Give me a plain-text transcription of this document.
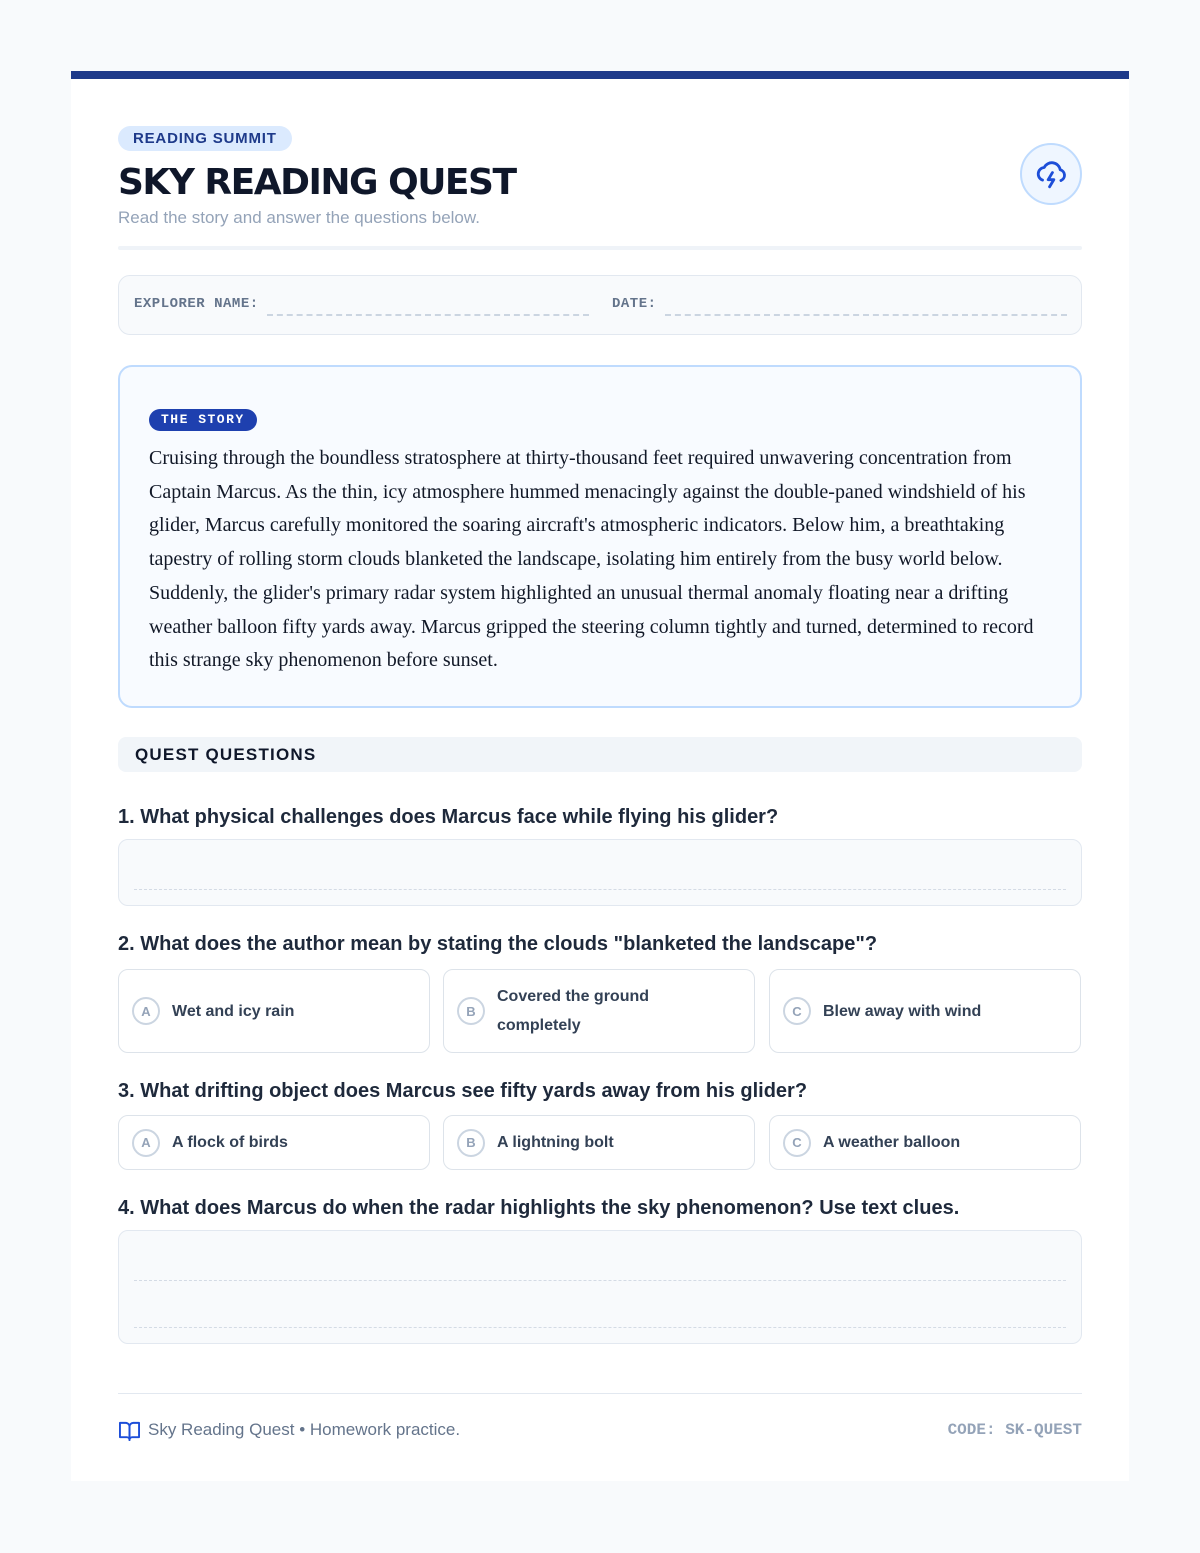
READING SUMMIT
SKY READING QUEST
Read the story and answer the questions below.
EXPLORER NAME:	DATE:
THE STORY

Cruising through the boundless stratosphere at thirty-thousand feet required unwavering concentration from Captain Marcus. As the thin, icy atmosphere hummed menacingly against the double-paned windshield of his glider, Marcus carefully monitored the soaring aircraft's atmospheric indicators. Below him, a breathtaking tapestry of rolling storm clouds blanketed the landscape, isolating him entirely from the busy world below. Suddenly, the glider's primary radar system highlighted an unusual thermal anomaly floating near a drifting weather balloon fifty yards away. Marcus gripped the steering column tightly and turned, determined to record this strange sky phenomenon before sunset.

QUEST QUESTIONS
1. What physical challenges does Marcus face while flying his glider?
2. What does the author mean by stating the clouds "blanketed the landscape"?
A	Wet and icy rain	B
Covered the ground completely
C	Blew away with wind
3. What drifting object does Marcus see fifty yards away from his glider?
A	A flock of birds	B	A lightning bolt	C	A weather balloon
4. What does Marcus do when the radar highlights the sky phenomenon? Use text clues.
Sky Reading Quest • Homework practice.	CODE: SK-QUEST
